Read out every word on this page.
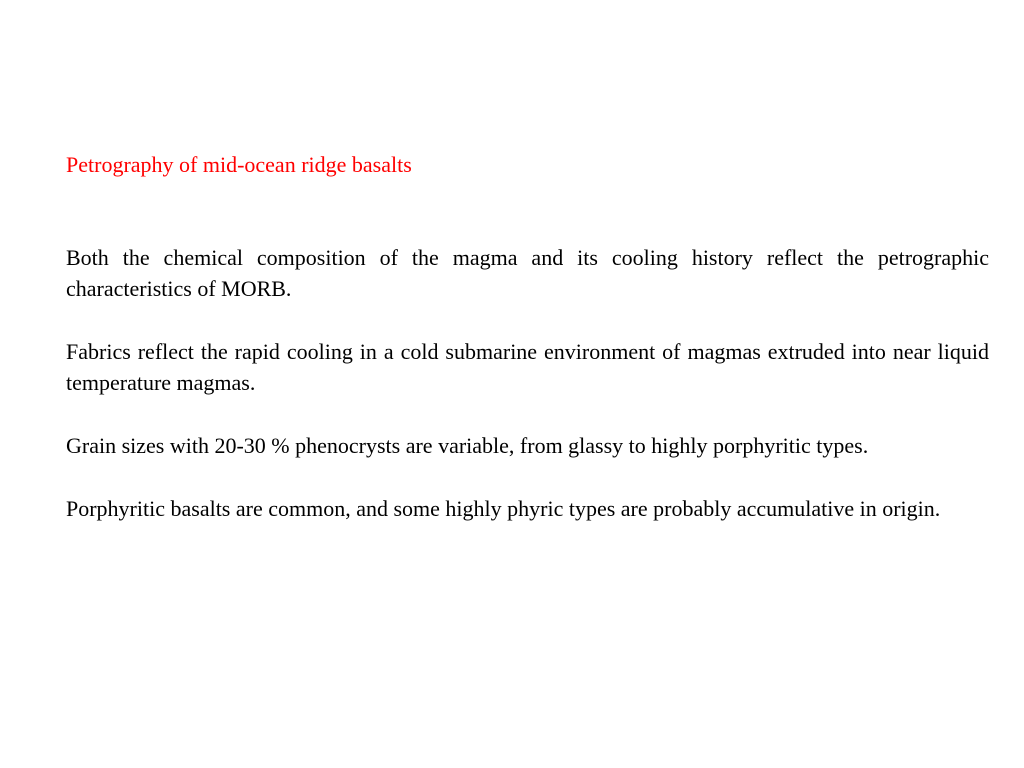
Petrography of mid-ocean ridge basalts

Both the chemical composition of the magma and its cooling history reflect the petrographic characteristics of MORB.

Fabrics reflect the rapid cooling in a cold submarine environment of magmas extruded into near liquid temperature magmas.

Grain sizes with 20-30 % phenocrysts are variable, from glassy to highly porphyritic types.

Porphyritic basalts are common, and some highly phyric types are probably accumulative in origin.
